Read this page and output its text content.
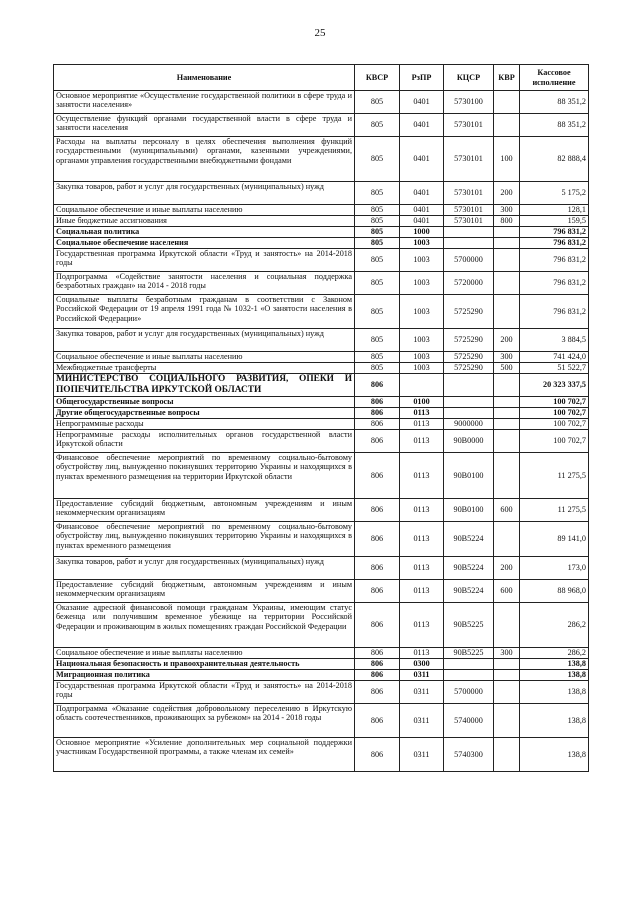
25
Наименование	КВСР	РзПР	КЦСР	КВР	Кассовое исполнение
Основное мероприятие «Осуществление государственной политики в сфере труда и занятости населения»	805	0401	5730100		88 351,2
Осуществление функций органами государственной власти в сфере труда и занятости населения	805	0401	5730101		88 351,2
Расходы на выплаты персоналу в целях обеспечения выполнения функций государственными (муниципальными) органами, казенными учреждениями, органами управления государственными внебюджетными фондами	805	0401	5730101	100	82 888,4
Закупка товаров, работ и услуг для государственных (муниципальных) нужд	805	0401	5730101	200	5 175,2
Социальное обеспечение и иные выплаты населению	805	0401	5730101	300	128,1
Иные бюджетные ассигнования	805	0401	5730101	800	159,5
Социальная политика	805	1000			796 831,2
Социальное обеспечение населения	805	1003			796 831,2
Государственная программа Иркутской области «Труд и занятость» на 2014-2018 годы	805	1003	5700000		796 831,2
Подпрограмма «Содействие занятости населения и социальная поддержка безработных граждан» на 2014 - 2018 годы	805	1003	5720000		796 831,2
Социальные выплаты безработным гражданам в соответствии с Законом Российской Федерации от 19 апреля 1991 года № 1032-1 «О занятости населения в Российской Федерации»	805	1003	5725290		796 831,2
Закупка товаров, работ и услуг для государственных (муниципальных) нужд	805	1003	5725290	200	3 884,5
Социальное обеспечение и иные выплаты населению	805	1003	5725290	300	741 424,0
Межбюджетные трансферты	805	1003	5725290	500	51 522,7
МИНИСТЕРСТВО СОЦИАЛЬНОГО РАЗВИТИЯ, ОПЕКИ И ПОПЕЧИТЕЛЬСТВА ИРКУТСКОЙ ОБЛАСТИ	806				20 323 337,5
Общегосударственные вопросы	806	0100			100 702,7
Другие общегосударственные вопросы	806	0113			100 702,7
Непрограммные расходы	806	0113	9000000		100 702,7
Непрограммные расходы исполнительных органов государственной власти Иркутской области	806	0113	90В0000		100 702,7
Финансовое обеспечение мероприятий по временному социально-бытовому обустройству лиц, вынужденно покинувших территорию Украины и находящихся в пунктах временного размещения на территории Иркутской области	806	0113	90В0100		11 275,5
Предоставление субсидий бюджетным, автономным учреждениям и иным некоммерческим организациям	806	0113	90В0100	600	11 275,5
Финансовое обеспечение мероприятий по временному социально-бытовому обустройству лиц, вынужденно покинувших территорию Украины и находящихся в пунктах временного размещения	806	0113	90В5224		89 141,0
Закупка товаров, работ и услуг для государственных (муниципальных) нужд	806	0113	90В5224	200	173,0
Предоставление субсидий бюджетным, автономным учреждениям и иным некоммерческим организациям	806	0113	90В5224	600	88 968,0
Оказание адресной финансовой помощи гражданам Украины, имеющим статус беженца или получившим временное убежище на территории Российской Федерации и проживающим в жилых помещениях граждан Российской Федерации	806	0113	90В5225		286,2
Социальное обеспечение и иные выплаты населению	806	0113	90В5225	300	286,2
Национальная безопасность и правоохранительная деятельность	806	0300			138,8
Миграционная политика	806	0311			138,8
Государственная программа Иркутской области «Труд и занятость» на 2014-2018 годы	806	0311	5700000		138,8
Подпрограмма «Оказание содействия добровольному переселению в Иркутскую область соотечественников, проживающих за рубежом» на 2014 - 2018 годы	806	0311	5740000		138,8
Основное мероприятие «Усиление дополнительных мер социальной поддержки участникам Государственной программы, а также членам их семей»	806	0311	5740300		138,8
